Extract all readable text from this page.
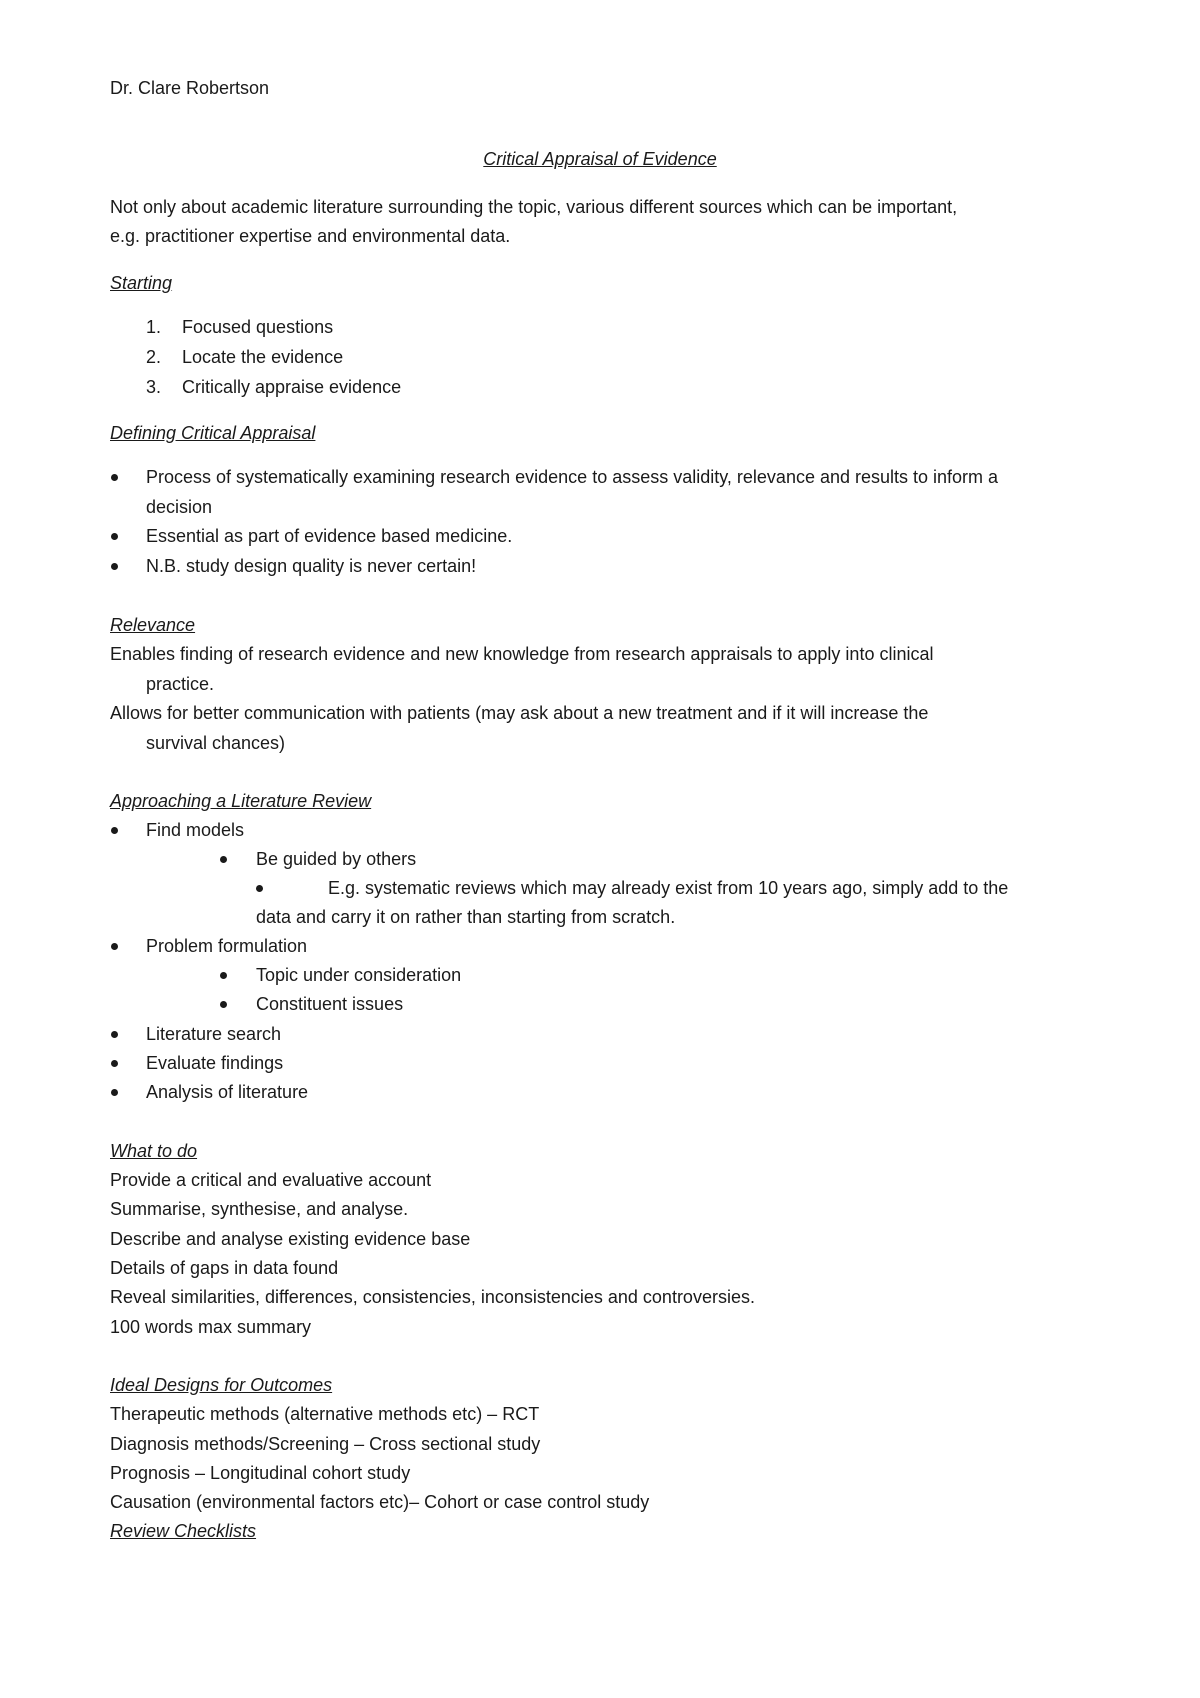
Dr. Clare Robertson
Critical Appraisal of Evidence
Not only about academic literature surrounding the topic, various different sources which can be important,
e.g. practitioner expertise and environmental data.
Starting
1. Focused questions
2. Locate the evidence
3. Critically appraise evidence
Defining Critical Appraisal
Process of systematically examining research evidence to assess validity, relevance and results to inform a
decision
Essential as part of evidence based medicine.
N.B. study design quality is never certain!
Relevance
Enables finding of research evidence and new knowledge from research appraisals to apply into clinical
practice.
Allows for better communication with patients (may ask about a new treatment and if it will increase the
survival chances)
Approaching a Literature Review
Find models
Be guided by others
E.g. systematic reviews which may already exist from 10 years ago, simply add to the
data and carry it on rather than starting from scratch.
Problem formulation
Topic under consideration
Constituent issues
Literature search
Evaluate findings
Analysis of literature
What to do
Provide a critical and evaluative account
Summarise, synthesise, and analyse.
Describe and analyse existing evidence base
Details of gaps in data found
Reveal similarities, differences, consistencies, inconsistencies and controversies.
100 words max summary
Ideal Designs for Outcomes
Therapeutic methods (alternative methods etc) – RCT
Diagnosis methods/Screening – Cross sectional study
Prognosis – Longitudinal cohort study
Causation (environmental factors etc)– Cohort or case control study
Review Checklists
